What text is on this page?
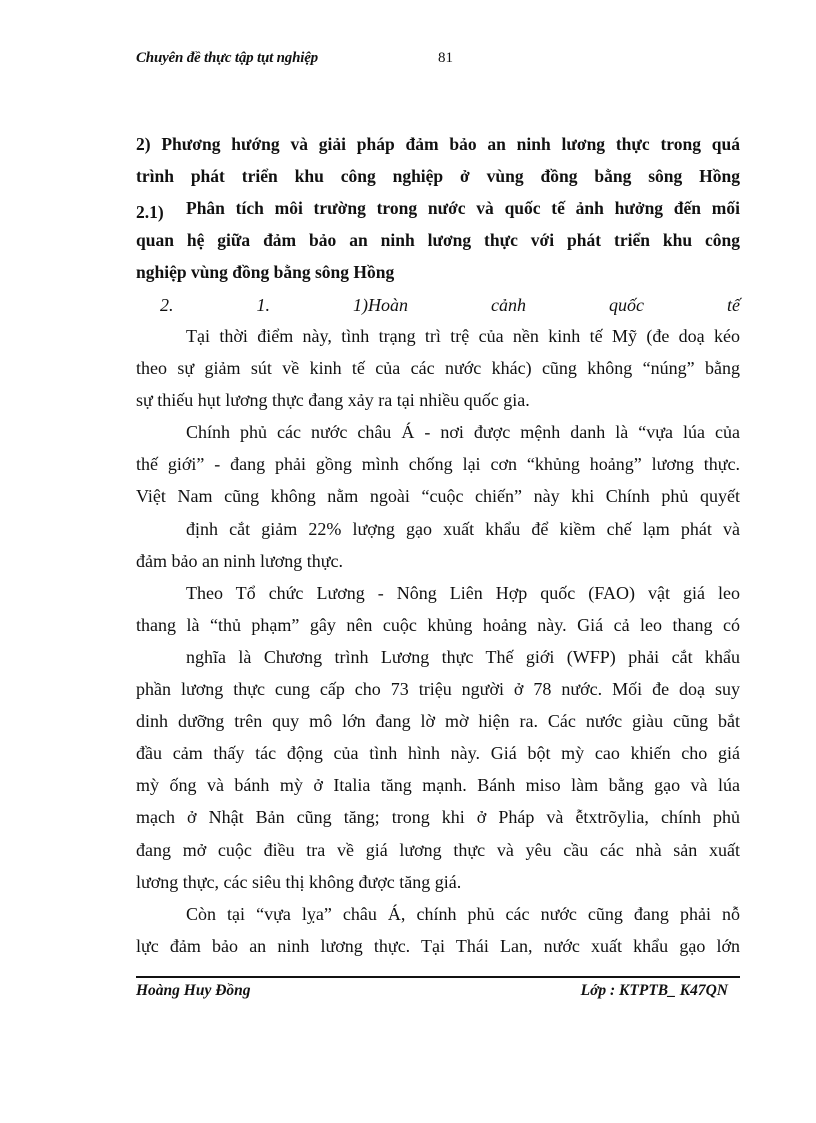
Chuyên đề thực tập tụt nghiệp	81
2) Phương hướng và giải pháp đảm bảo an ninh lương thực trong quá
trình phát triển khu công nghiệp ở vùng đồng bằng sông Hồng
2.1) Phân tích môi trường trong nước và quốc tế ảnh hưởng đến mối
quan hệ giữa đảm bảo an ninh lương thực với phát triển khu công
nghiệp vùng đồng bằng sông Hồng
2.	1.	1)Hoàn	cảnh	quốc	tế

Tại thời điểm này, tình trạng trì trệ của nền kinh tế Mỹ (đe doạ kéo
theo sự giảm sút về kinh tế của các nước khác) cũng không “núng” bằng
sự thiếu hụt lương thực đang xảy ra tại nhiều quốc gia.

Chính phủ các nước châu Á - nơi được mệnh danh là “vựa lúa của
thế giới” - đang phải gồng mình chống lại cơn “khủng hoảng” lương thực.
Việt Nam cũng không nằm ngoài “cuộc chiến” này khi Chính phủ quyết
định cắt giảm 22% lượng gạo xuất khẩu để kiềm chế lạm phát và
đảm bảo an ninh lương thực.

Theo Tổ chức Lương - Nông Liên Hợp quốc (FAO) vật giá leo
thang là “thủ phạm” gây nên cuộc khủng hoảng này. Giá cả leo thang có
nghĩa là Chương trình Lương thực Thế giới (WFP) phải cắt khẩu
phần lương thực cung cấp cho 73 triệu người ở 78 nước. Mối đe doạ suy
dinh dưỡng trên quy mô lớn đang lờ mờ hiện ra. Các nước giàu cũng bắt
đầu cảm thấy tác động của tình hình này. Giá bột mỳ cao khiến cho giá
mỳ ống và bánh mỳ ở Italia tăng mạnh. Bánh miso làm bằng gạo và lúa
mạch ở Nhật Bản cũng tăng; trong khi ở Pháp và ễtxtrõylia, chính phủ
đang mở cuộc điều tra về giá lương thực và yêu cầu các nhà sản xuất
lương thực, các siêu thị không được tăng giá.

Còn tại “vựa lỵa” châu Á, chính phủ các nước cũng đang phải nỗ
lực đảm bảo an ninh lương thực. Tại Thái Lan, nước xuất khẩu gạo lớn

Hoàng Huy Đồng	Lớp : KTPTB_ K47QN
